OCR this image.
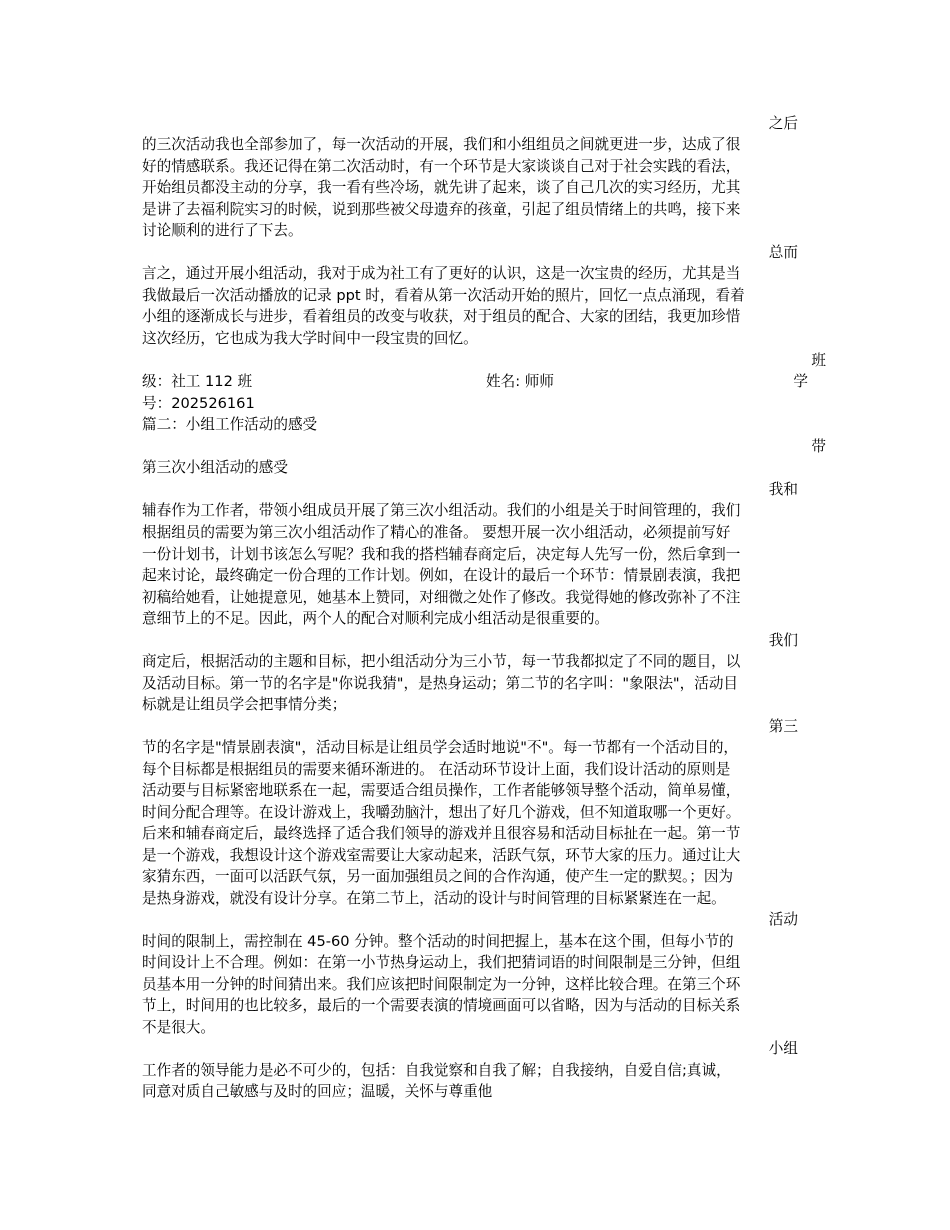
之后
的三次活动我也全部参加了，每一次活动的开展，我们和小组组员之间就更进一步，达成了很
好的情感联系。我还记得在第二次活动时，有一个环节是大家谈谈自己对于社会实践的看法，
开始组员都没主动的分享，我一看有些冷场，就先讲了起来，谈了自己几次的实习经历，尤其
是讲了去福利院实习的时候，说到那些被父母遗弃的孩童，引起了组员情绪上的共鸣，接下来
讨论顺利的进行了下去。
总而
言之，通过开展小组活动，我对于成为社工有了更好的认识，这是一次宝贵的经历，尤其是当
我做最后一次活动播放的记录 ppt 时，看着从第一次活动开始的照片，回忆一点点涌现，看着
小组的逐渐成长与进步，看着组员的改变与收获，对于组员的配合、大家的团结，我更加珍惜
这次经历，它也成为我大学时间中一段宝贵的回忆。
班
级：社工 112 班	姓名: 师师	学
号：202526161
篇二：小组工作活动的感受
带
第三次小组活动的感受
我和
辅春作为工作者，带领小组成员开展了第三次小组活动。我们的小组是关于时间管理的，我们
根据组员的需要为第三次小组活动作了精心的准备。 要想开展一次小组活动，必须提前写好
一份计划书，计划书该怎么写呢？我和我的搭档辅春商定后，决定每人先写一份，然后拿到一
起来讨论，最终确定一份合理的工作计划。例如，在设计的最后一个环节：情景剧表演，我把
初稿给她看，让她提意见，她基本上赞同，对细微之处作了修改。我觉得她的修改弥补了不注
意细节上的不足。因此，两个人的配合对顺利完成小组活动是很重要的。
我们
商定后，根据活动的主题和目标，把小组活动分为三小节，每一节我都拟定了不同的题目，以
及活动目标。第一节的名字是"你说我猜"，是热身运动；第二节的名字叫："象限法"，活动目
标就是让组员学会把事情分类；
第三
节的名字是"情景剧表演"，活动目标是让组员学会适时地说"不"。每一节都有一个活动目的，
每个目标都是根据组员的需要来循环渐进的。 在活动环节设计上面，我们设计活动的原则是
活动要与目标紧密地联系在一起，需要适合组员操作，工作者能够领导整个活动，简单易懂，
时间分配合理等。在设计游戏上，我嚼劲脑汁，想出了好几个游戏，但不知道取哪一个更好。
后来和辅春商定后，最终选择了适合我们领导的游戏并且很容易和活动目标扯在一起。第一节
是一个游戏，我想设计这个游戏室需要让大家动起来，活跃气氛，环节大家的压力。通过让大
家猜东西，一面可以活跃气氛，另一面加强组员之间的合作沟通，使产生一定的默契。；因为
是热身游戏，就没有设计分享。在第二节上，活动的设计与时间管理的目标紧紧连在一起。
活动
时间的限制上，需控制在 45-60 分钟。整个活动的时间把握上，基本在这个围，但每小节的
时间设计上不合理。例如：在第一小节热身运动上，我们把猜词语的时间限制是三分钟，但组
员基本用一分钟的时间猜出来。我们应该把时间限制定为一分钟，这样比较合理。在第三个环
节上，时间用的也比较多，最后的一个需要表演的情境画面可以省略，因为与活动的目标关系
不是很大。
小组
工作者的领导能力是必不可少的，包括：自我觉察和自我了解；自我接纳，自爱自信;真诚，
同意对质自己敏感与及时的回应；温暖，关怀与尊重他
